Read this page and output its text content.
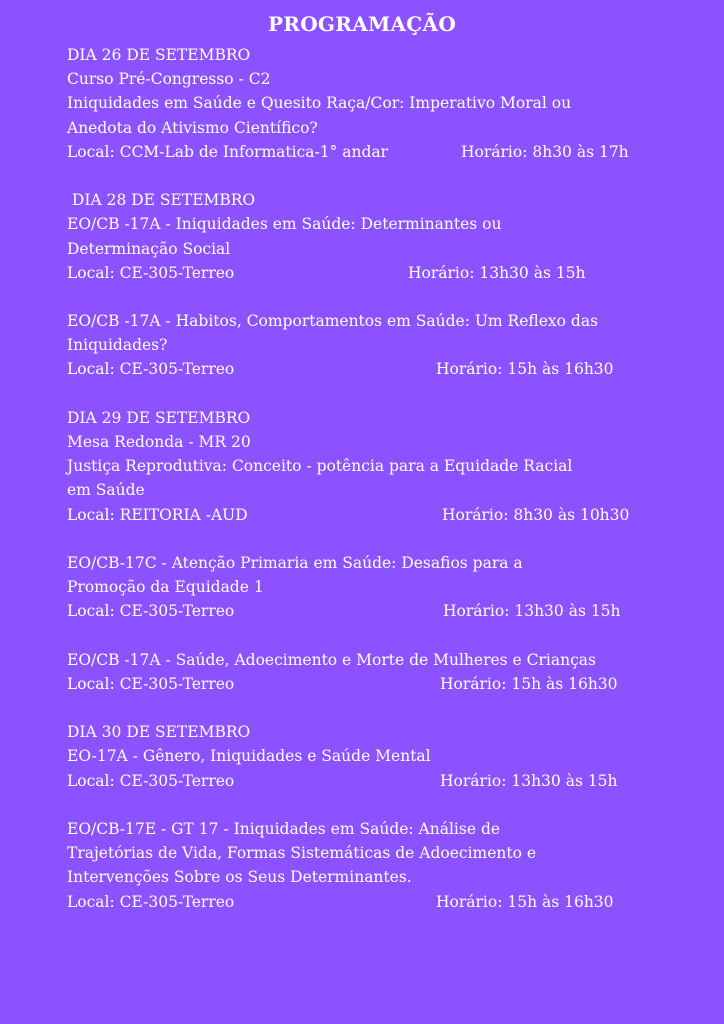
PROGRAMAÇÃO
DIA 26 DE SETEMBRO
Curso Pré-Congresso - C2
Iniquidades em Saúde e Quesito Raça/Cor: Imperativo Moral ou
Anedota do Ativismo Científico?
Local: CCM-Lab de Informatica-1° andar	Horário: 8h30 às 17h
DIA 28 DE SETEMBRO
EO/CB -17A - Iniquidades em Saúde: Determinantes ou
Determinação Social
Local: CE-305-Terreo	Horário: 13h30 às 15h
EO/CB -17A - Habitos, Comportamentos em Saúde: Um Reflexo das
Iniquidades?
Local: CE-305-Terreo	Horário: 15h às 16h30
DIA 29 DE SETEMBRO
Mesa Redonda - MR 20
Justiça Reprodutiva: Conceito - potência para a Equidade Racial
em Saúde
Local: REITORIA -AUD	Horário: 8h30 às 10h30
EO/CB-17C - Atenção Primaria em Saúde: Desafios para a
Promoção da Equidade 1
Local: CE-305-Terreo	Horário: 13h30 às 15h
EO/CB -17A - Saúde, Adoecimento e Morte de Mulheres e Crianças
Local: CE-305-Terreo	Horário: 15h às 16h30
DIA 30 DE SETEMBRO
EO-17A - Gênero, Iniquidades e Saúde Mental
Local: CE-305-Terreo	Horário: 13h30 às 15h
EO/CB-17E - GT 17 - Iniquidades em Saúde: Análise de
Trajetórias de Vida, Formas Sistemáticas de Adoecimento e
Intervenções Sobre os Seus Determinantes.
Local: CE-305-Terreo	Horário: 15h às 16h30
